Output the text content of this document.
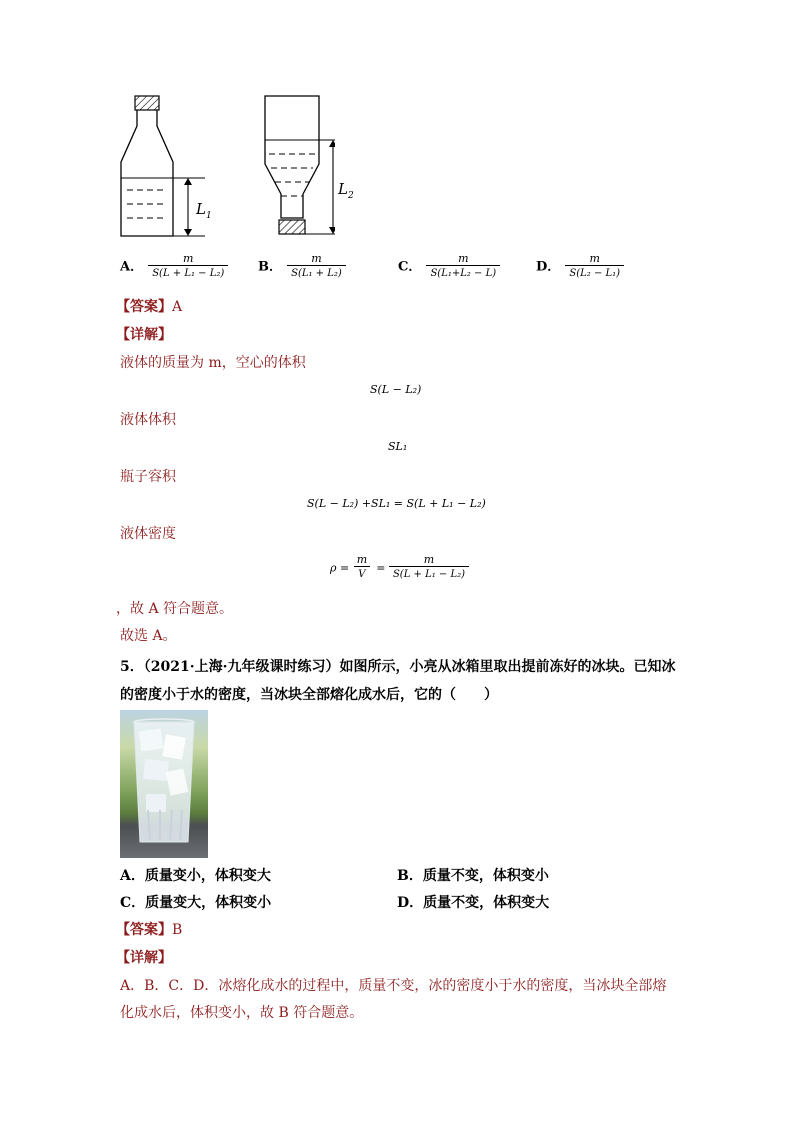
$L_1$
$L_2$
A． $\frac{m}{\text{S(L + L₁ − L₂)}}$ B． $\frac{m}{\text{S(L₁ + L₂)}}$	C． $\frac{m}{\text{S(L₁+L₂ − L)}}$	D． $\frac{m}{\text{S(L₂ − L₁)}}$
【答案】A
【详解】
液体的质量为 m，空心的体积
S(L − L₂)
液体体积
SL₁
瓶子容积
S(L − L₂) +SL₁ = S(L + L₁ − L₂)
液体密度
$\rho = \frac{m}{V} = \frac{m}{\text{S(L + L₁ − L₂)}}$
，故 A 符合题意。
故选 A。
5．（2021·上海·九年级课时练习）如图所示，小亮从冰箱里取出提前冻好的冰块。已知冰
的密度小于水的密度，当冰块全部熔化成水后，它的（　　）
A．质量变小，体积变大	B．质量不变，体积变小
C．质量变大，体积变小	D．质量不变，体积变大
【答案】B
【详解】
A．B．C．D．冰熔化成水的过程中，质量不变，冰的密度小于水的密度，当冰块全部熔
化成水后，体积变小，故 B 符合题意。
